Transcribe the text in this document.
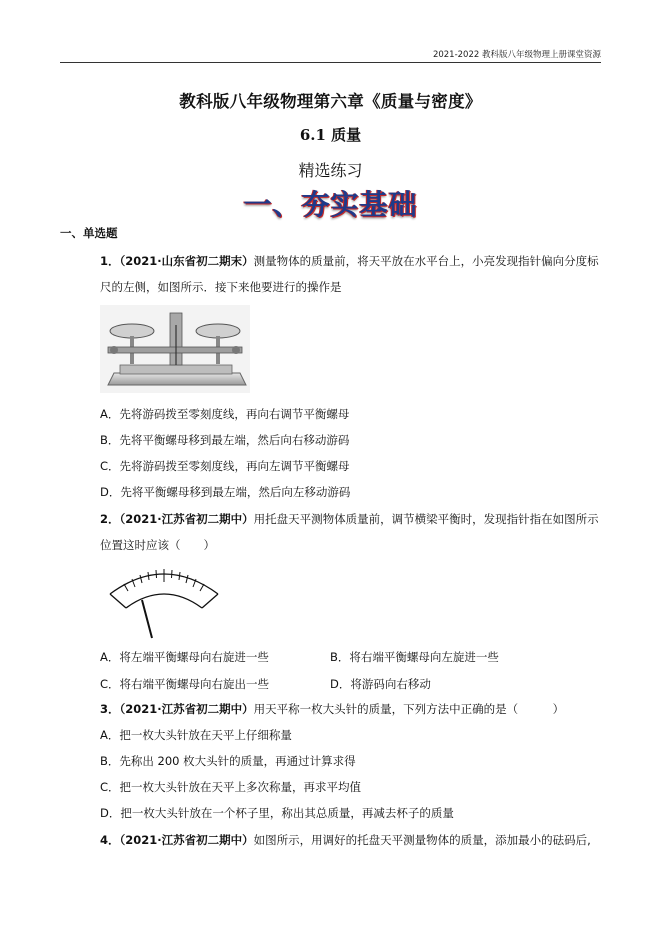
2021-2022 教科版八年级物理上册课堂资源
教科版八年级物理第六章《质量与密度》
6.1 质量
精选练习
一、夯实基础
一、单选题
1．（2021·山东省初二期末）测量物体的质量前，将天平放在水平台上，小亮发现指针偏向分度标
尺的左侧，如图所示．接下来他要进行的操作是
A．先将游码拨至零刻度线，再向右调节平衡螺母
B．先将平衡螺母移到最左端，然后向右移动游码
C．先将游码拨至零刻度线，再向左调节平衡螺母
D．先将平衡螺母移到最左端，然后向左移动游码
2．（2021·江苏省初二期中）用托盘天平测物体质量前，调节横梁平衡时，发现指针指在如图所示
位置这时应该（　　）
A．将左端平衡螺母向右旋进一些	B．将右端平衡螺母向左旋进一些
C．将右端平衡螺母向右旋出一些	D．将游码向右移动
3．（2021·江苏省初二期中）用天平称一枚大头针的质量，下列方法中正确的是（　　　）
A．把一枚大头针放在天平上仔细称量
B．先称出 200 枚大头针的质量，再通过计算求得
C．把一枚大头针放在天平上多次称量，再求平均值
D．把一枚大头针放在一个杯子里，称出其总质量，再减去杯子的质量
4．（2021·江苏省初二期中）如图所示，用调好的托盘天平测量物体的质量，添加最小的砝码后,
